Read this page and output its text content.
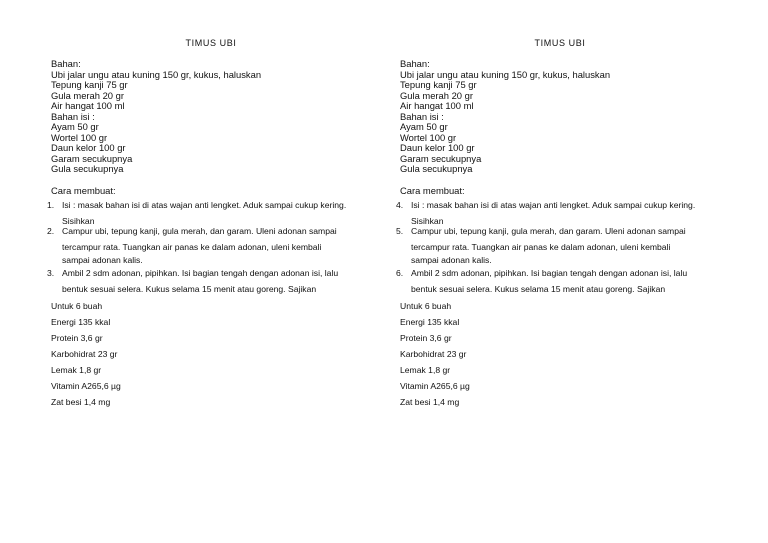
TIMUS UBI
Bahan:
Ubi jalar ungu atau kuning 150 gr, kukus, haluskan
Tepung kanji 75 gr
Gula merah 20 gr
Air hangat 100 ml
Bahan isi :
Ayam 50 gr
Wortel 100 gr
Daun kelor 100 gr
Garam secukupnya
Gula secukupnya
Cara membuat:
1. Isi : masak bahan isi di atas wajan anti lengket. Aduk sampai cukup kering.
Sisihkan
2. Campur ubi, tepung kanji, gula merah, dan garam. Uleni adonan sampai
tercampur rata. Tuangkan air panas ke dalam adonan, uleni kembali
sampai adonan kalis.
3. Ambil 2 sdm adonan, pipihkan. Isi bagian tengah dengan adonan isi, lalu
bentuk sesuai selera. Kukus selama 15 menit atau goreng. Sajikan
Untuk 6 buah
Energi 135 kkal
Protein 3,6 gr
Karbohidrat 23 gr
Lemak 1,8 gr
Vitamin A265,6 µg
Zat besi 1,4 mg
TIMUS UBI
Bahan:
Ubi jalar ungu atau kuning 150 gr, kukus, haluskan
Tepung kanji 75 gr
Gula merah 20 gr
Air hangat 100 ml
Bahan isi :
Ayam 50 gr
Wortel 100 gr
Daun kelor 100 gr
Garam secukupnya
Gula secukupnya
Cara membuat:
4. Isi : masak bahan isi di atas wajan anti lengket. Aduk sampai cukup kering.
Sisihkan
5. Campur ubi, tepung kanji, gula merah, dan garam. Uleni adonan sampai
tercampur rata. Tuangkan air panas ke dalam adonan, uleni kembali
sampai adonan kalis.
6. Ambil 2 sdm adonan, pipihkan. Isi bagian tengah dengan adonan isi, lalu
bentuk sesuai selera. Kukus selama 15 menit atau goreng. Sajikan
Untuk 6 buah
Energi 135 kkal
Protein 3,6 gr
Karbohidrat 23 gr
Lemak 1,8 gr
Vitamin A265,6 µg
Zat besi 1,4 mg
